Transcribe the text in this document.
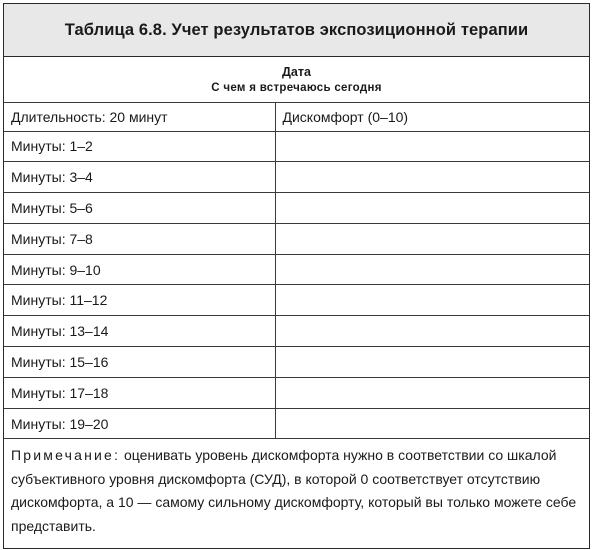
Таблица 6.8. Учет результатов экспозиционной терапии
Дата
С чем я встречаюсь сегодня
Длительность: 20 минут	Дискомфорт (0–10)
Минуты: 1–2	
Минуты: 3–4	
Минуты: 5–6	
Минуты: 7–8	
Минуты: 9–10	
Минуты: 11–12	
Минуты: 13–14	
Минуты: 15–16	
Минуты: 17–18	
Минуты: 19–20	
Примечание: оценивать уровень дискомфорта нужно в соответствии со шкалой субъективного уровня дискомфорта (СУД), в которой 0 соответствует отсутствию дискомфорта, а 10 — самому сильному дискомфорту, который вы только можете себе представить.
